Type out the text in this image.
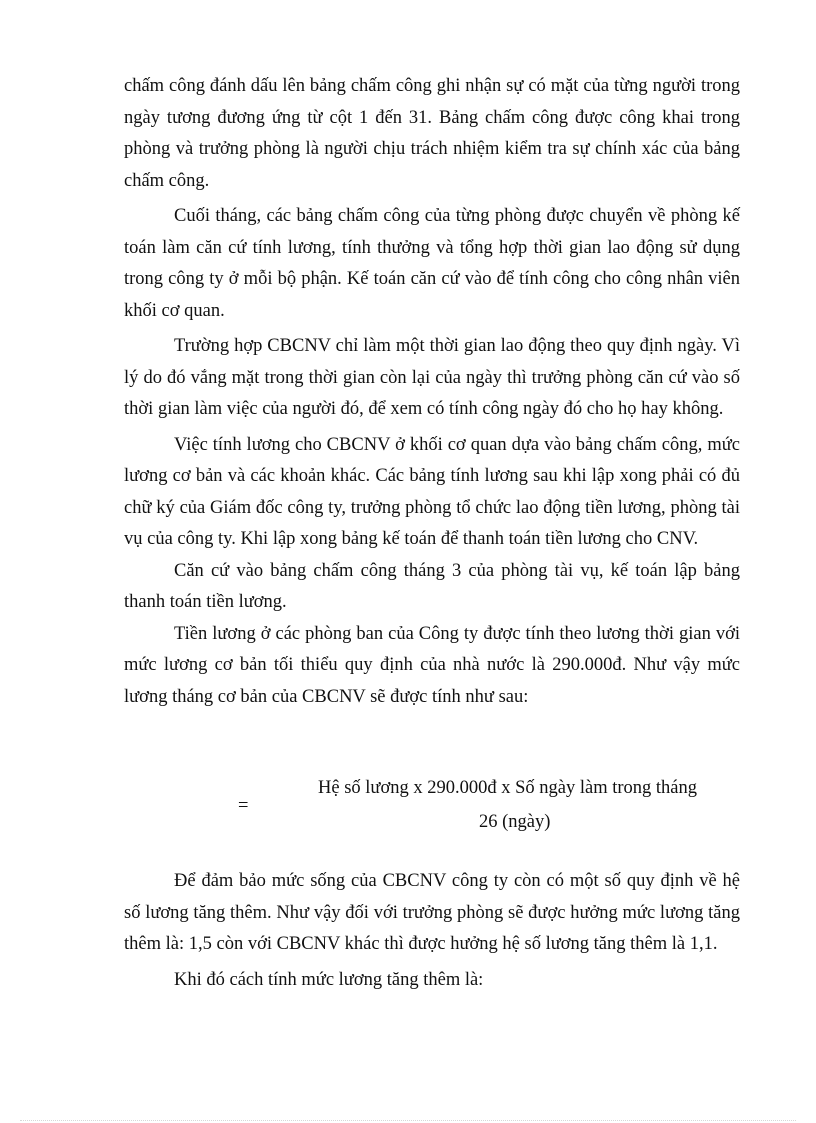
chấm công đánh dấu lên bảng chấm công ghi nhận sự có mặt của từng người trong ngày tương đương ứng từ cột 1 đến 31. Bảng chấm công được công khai trong phòng và trưởng phòng là người chịu trách nhiệm kiểm tra sự chính xác của bảng chấm công.

Cuối tháng, các bảng chấm công của từng phòng được chuyển về phòng kế toán làm căn cứ tính lương, tính thưởng và tổng hợp thời gian lao động sử dụng trong công ty ở mỗi bộ phận. Kế toán căn cứ vào để tính công cho công nhân viên khối cơ quan.

Trường hợp CBCNV chỉ làm một thời gian lao động theo quy định ngày. Vì lý do đó vắng mặt trong thời gian còn lại của ngày thì trưởng phòng căn cứ vào số thời gian làm việc của người đó, để xem có tính công ngày đó cho họ hay không.

Việc tính lương cho CBCNV ở khối cơ quan dựa vào bảng chấm công, mức lương cơ bản và các khoản khác. Các bảng tính lương sau khi lập xong phải có đủ chữ ký của Giám đốc công ty, trưởng phòng tổ chức lao động tiền lương, phòng tài vụ của công ty. Khi lập xong bảng kế toán để thanh toán tiền lương cho CNV.

Căn cứ vào bảng chấm công tháng 3 của phòng tài vụ, kế toán lập bảng thanh toán tiền lương.

Tiền lương ở các phòng ban của Công ty được tính theo lương thời gian với mức lương cơ bản tối thiểu quy định của nhà nước là 290.000đ. Như vậy mức lương tháng cơ bản của CBCNV sẽ được tính như sau:

=
Hệ số lương x 290.000đ x Số ngày làm trong tháng
26 (ngày)

Để đảm bảo mức sống của CBCNV công ty còn có một số quy định về hệ số lương tăng thêm. Như vậy đối với trưởng phòng sẽ được hưởng mức lương tăng thêm là: 1,5 còn với CBCNV khác thì được hưởng hệ số lương tăng thêm là 1,1.

Khi đó cách tính mức lương tăng thêm là:
